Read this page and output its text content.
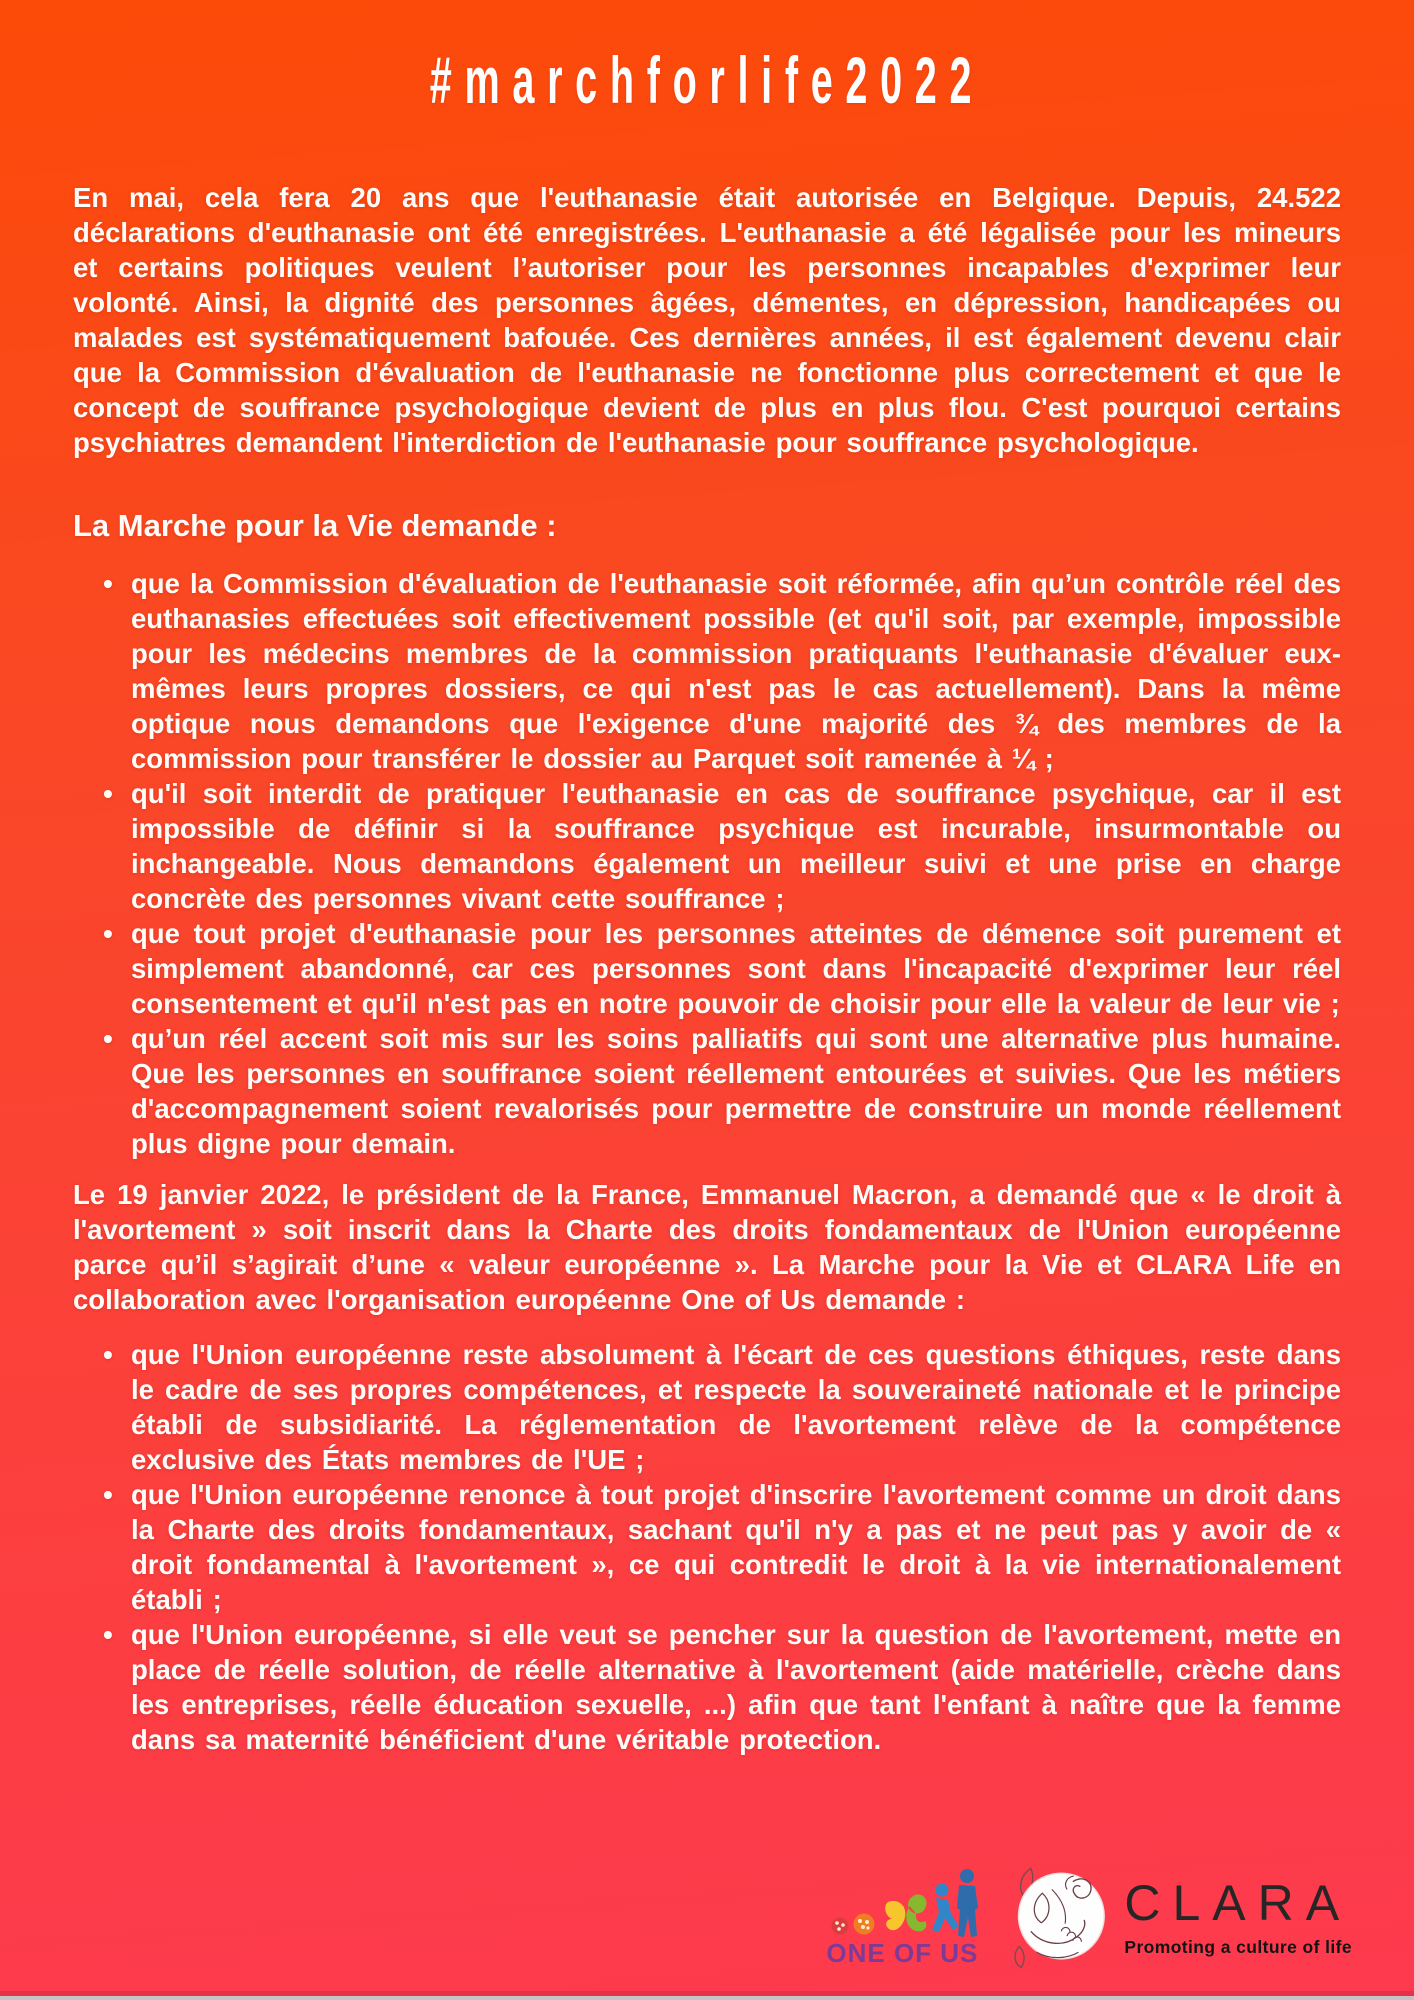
#marchforlife2022

En mai, cela fera 20 ans que l'euthanasie était autorisée en Belgique. Depuis, 24.522 déclarations d'euthanasie ont été enregistrées. L'euthanasie a été légalisée pour les mineurs et certains politiques veulent l’autoriser pour les personnes incapables d'exprimer leur volonté. Ainsi, la dignité des personnes âgées, démentes, en dépression, handicapées ou malades est systématiquement bafouée. Ces dernières années, il est également devenu clair que la Commission d'évaluation de l'euthanasie ne fonctionne plus correctement et que le concept de souffrance psychologique devient de plus en plus flou. C'est pourquoi certains psychiatres demandent l'interdiction de l'euthanasie pour souffrance psychologique.

La Marche pour la Vie demande :
• que la Commission d'évaluation de l'euthanasie soit réformée, afin qu’un contrôle réel des euthanasies effectuées soit effectivement possible (et qu'il soit, par exemple, impossible pour les médecins membres de la commission pratiquants l'euthanasie d'évaluer eux-mêmes leurs propres dossiers, ce qui n'est pas le cas actuellement). Dans la même optique nous demandons que l'exigence d'une majorité des ¾ des membres de la commission pour transférer le dossier au Parquet soit ramenée à ¼ ;
• qu'il soit interdit de pratiquer l'euthanasie en cas de souffrance psychique, car il est impossible de définir si la souffrance psychique est incurable, insurmontable ou inchangeable. Nous demandons également un meilleur suivi et une prise en charge concrète des personnes vivant cette souffrance ;
• que tout projet d'euthanasie pour les personnes atteintes de démence soit purement et simplement abandonné, car ces personnes sont dans l'incapacité d'exprimer leur réel consentement et qu'il n'est pas en notre pouvoir de choisir pour elle la valeur de leur vie ;
• qu’un réel accent soit mis sur les soins palliatifs qui sont une alternative plus humaine. Que les personnes en souffrance soient réellement entourées et suivies. Que les métiers d'accompagnement soient revalorisés pour permettre de construire un monde réellement plus digne pour demain.

Le 19 janvier 2022, le président de la France, Emmanuel Macron, a demandé que « le droit à l'avortement » soit inscrit dans la Charte des droits fondamentaux de l'Union européenne parce qu’il s’agirait d’une « valeur européenne ». La Marche pour la Vie et CLARA Life en collaboration avec l'organisation européenne One of Us demande :

• que l'Union européenne reste absolument à l'écart de ces questions éthiques, reste dans le cadre de ses propres compétences, et respecte la souveraineté nationale et le principe établi de subsidiarité. La réglementation de l'avortement relève de la compétence exclusive des États membres de l'UE ;
• que l'Union européenne renonce à tout projet d'inscrire l'avortement comme un droit dans la Charte des droits fondamentaux, sachant qu'il n'y a pas et ne peut pas y avoir de « droit fondamental à l'avortement », ce qui contredit le droit à la vie internationalement établi ;
• que l'Union européenne, si elle veut se pencher sur la question de l'avortement, mette en place de réelle solution, de réelle alternative à l'avortement (aide matérielle, crèche dans les entreprises, réelle éducation sexuelle, ...) afin que tant l'enfant à naître que la femme dans sa maternité bénéficient d'une véritable protection.
ONE OF US
CLARA
Promoting a culture of life
